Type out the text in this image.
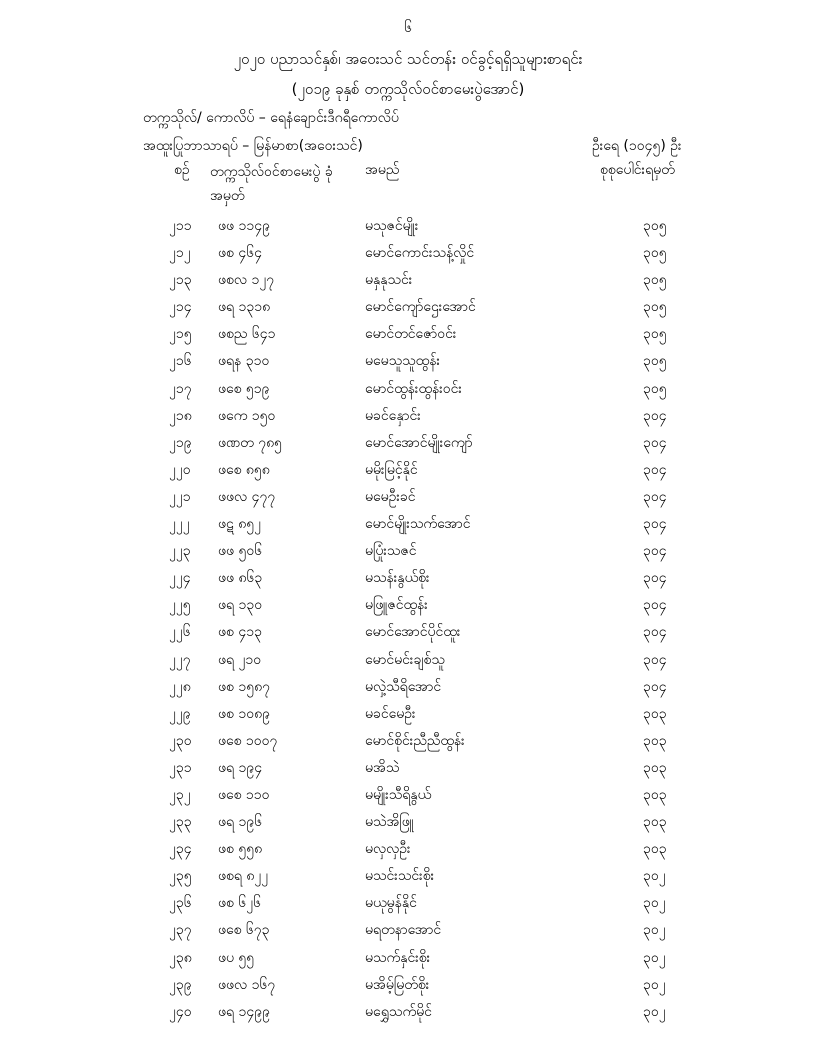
၆
၂၀၂၀ ပညာသင်နှစ်၊ အဝေးသင် သင်တန်း ဝင်ခွင့်ရရှိသူများစာရင်း
(၂၀၁၉ ခုနှစ် တက္ကသိုလ်ဝင်စာမေးပွဲအောင်)
တက္ကသိုလ်/ ကောလိပ် – ရေနံချောင်းဒီဂရီကောလိပ်
အထူးပြုဘာသာရပ် – မြန်မာစာ(အဝေးသင်)	ဦးရေ (၁၀၄၅) ဦး
စဉ် တက္ကသိုလ်ဝင်စာမေးပွဲ ခုံအမှတ်
အမည်	စုစုပေါင်းရမှတ်
၂၁၁ ဖဖ ၁၁၄၉	မသုဇင်မျိုး	၃၀၅
၂၁၂ ဖစ ၄၆၄	မောင်ကောင်းသန့်လှိုင်	၃၀၅
၂၁၃ ဖစလ ၁၂၇	မနှနုသင်း	၃၀၅
၂၁၄ ဖရ ၁၃၁၈	မောင်ကျော်ဌေးအောင်	၃၀၅
၂၁၅ ဖစည ၆၄၁	မောင်တင်ဇော်ဝင်း	၃၀၅
၂၁၆ ဖရန ၃၁၀	မမေသူသူထွန်း	၃၀၅
၂၁၇ ဖစေ ၅၁၉	မောင်ထွန်းထွန်းဝင်း	၃၀၅
၂၁၈ ဖကေ ၁၅၀	မခင်နှောင်း	၃၀၄
၂၁၉ ဖဏတ ၇၈၅	မောင်အောင်မျိုးကျော်	၃၀၄
၂၂၀ ဖစေ ၈၅၈	မမိုးမြင့်နိုင်	၃၀၄
၂၂၁ ဖဖလ ၄၇၇	မမေဦးခင်	၃၀၄
၂၂၂ ဖဋ ၈၅၂	မောင်မျိုးသက်အောင်	၃၀၄
၂၂၃ ဖဖ ၅၀၆	မပြုံးသဇင်	၃၀၄
၂၂၄ ဖဖ ၈၆၃	မသန်းနွယ်စိုး	၃၀၄
၂၂၅ ဖရ ၁၃၀	မဖြူဇင်ထွန်း	၃၀၄
၂၂၆ ဖစ ၄၁၃	မောင်အောင်ပိုင်ထူး	၃၀၄
၂၂၇ ဖရ ၂၁၀	မောင်မင်းချစ်သူ	၃၀၄
၂၂၈ ဖစ ၁၅၈၇	မလှဲ့သီရိအောင်	၃၀၄
၂၂၉ ဖစ ၁၀၈၉	မခင်မေဦး	၃၀၃
၂၃၀ ဖစေ ၁၀၀၇	မောင်စိုင်းညီညီထွန်း	၃၀၃
၂၃၁ ဖရ ၁၉၄	မအိသဲ	၃၀၃
၂၃၂ ဖစေ ၁၁၀	မမျိုးသီရိနွယ်	၃၀၃
၂၃၃ ဖရ ၁၉၆	မသဲအိဖြူ	၃၀၃
၂၃၄ ဖစ ၅၅၈	မလှလှဦး	၃၀၃
၂၃၅ ဖစရ ၈၂၂	မသင်းသင်းစိုး	၃၀၂
၂၃၆ ဖစ ၆၂၆	မယုမွန်နိုင်	၃၀၂
၂၃၇ ဖစေ ၆၇၃	မရတနာအောင်	၃၀၂
၂၃၈ ဖပ ၅၅	မသက်နှင်းစိုး	၃၀၂
၂၃၉ ဖဖလ ၁၆၇	မအိမ့်မြတ်စိုး	၃၀၂
၂၄၀ ဖရ ၁၄၉၉	မရွှေသက်မိုင်	၃၀၂
